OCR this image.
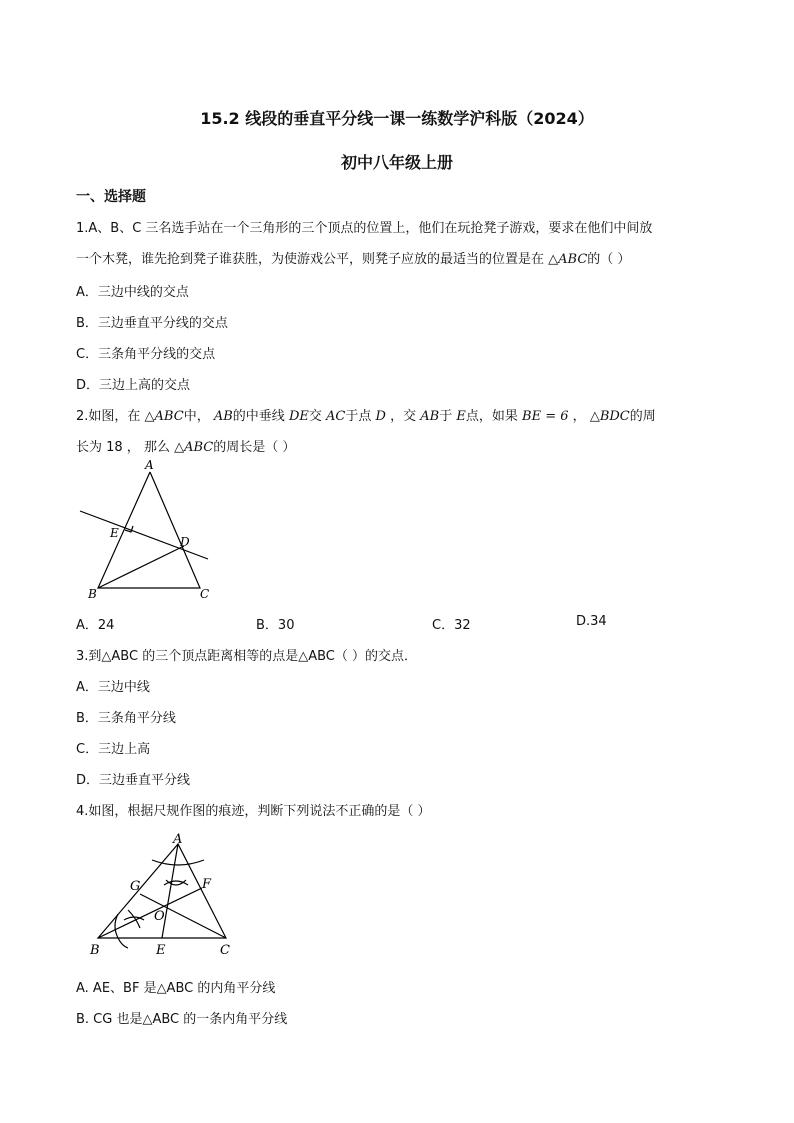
15.2 线段的垂直平分线一课一练数学沪科版（2024）
初中八年级上册
一、选择题
1.A、B、C 三名选手站在一个三角形的三个顶点的位置上，他们在玩抢凳子游戏，要求在他们中间放
一个木凳，谁先抢到凳子谁获胜，为使游戏公平，则凳子应放的最适当的位置是在 △ABC的（ ）
A．三边中线的交点
B．三边垂直平分线的交点
C．三条角平分线的交点
D．三边上高的交点
2.如图，在 △ABC中， AB的中垂线 DE交 AC于点 D ，交 AB于 E点，如果 BE = 6 ， △BDC的周
长为 18 ， 那么 △ABC的周长是（ ）
A
E
D
B	C
A．24	B．30	C．32	D.34
3.到△ABC 的三个顶点距离相等的点是△ABC（ ）的交点．
A．三边中线
B．三条角平分线
C．三边上高
D．三边垂直平分线
4.如图，根据尺规作图的痕迹，判断下列说法不正确的是（ ）
A
G	F
O
B	E	C
A. AE、BF 是△ABC 的内角平分线
B. CG 也是△ABC 的一条内角平分线
